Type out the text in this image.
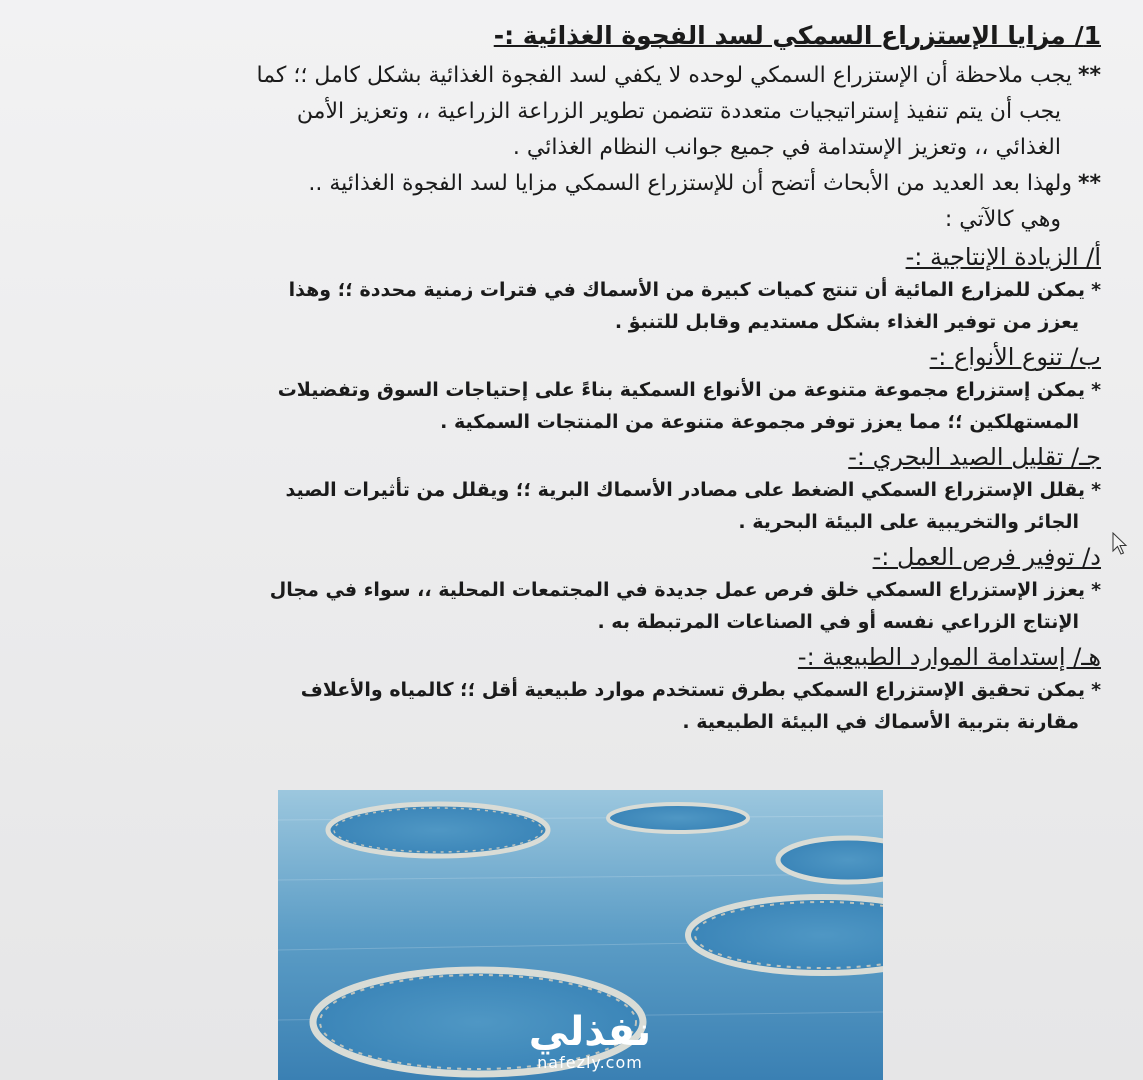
1/ مزايا الإستزراع السمكي لسد الفجوة الغذائية :-

**يجب ملاحظة أن الإستزراع السمكي لوحده لا يكفي لسد الفجوة الغذائية بشكل كامل ؛؛ كما

يجب أن يتم تنفيذ إستراتيجيات متعددة تتضمن تطوير الزراعة الزراعية ،، وتعزيز الأمن

الغذائي ،، وتعزيز الإستدامة في جميع جوانب النظام الغذائي .

**ولهذا بعد العديد من الأبحاث أتضح أن للإستزراع السمكي مزايا لسد الفجوة الغذائية ..

وهي كالآتي :

أ/ الزيادة الإنتاجية :-

*يمكن للمزارع المائية أن تنتج كميات كبيرة من الأسماك في فترات زمنية محددة ؛؛ وهذا
يعزز من توفير الغذاء بشكل مستديم وقابل للتنبؤ .

ب/ تنوع الأنواع :-

*يمكن إستزراع مجموعة متنوعة من الأنواع السمكية بناءً على إحتياجات السوق وتفضيلات
المستهلكين ؛؛ مما يعزز توفر مجموعة متنوعة من المنتجات السمكية .

جـ/ تقليل الصيد البحري :-

*يقلل الإستزراع السمكي الضغط على مصادر الأسماك البرية ؛؛ ويقلل من تأثيرات الصيد
الجائر والتخريبية على البيئة البحرية .

د/ توفير فرص العمل :-

*يعزز الإستزراع السمكي خلق فرص عمل جديدة في المجتمعات المحلية ،، سواء في مجال
الإنتاج الزراعي نفسه أو في الصناعات المرتبطة به .

هـ/ إستدامة الموارد الطبيعية :-

*يمكن تحقيق الإستزراع السمكي بطرق تستخدم موارد طبيعية أقل ؛؛ كالمياه والأعلاف
مقارنة بتربية الأسماك في البيئة الطبيعية .

نفذلي
nafezly.com
